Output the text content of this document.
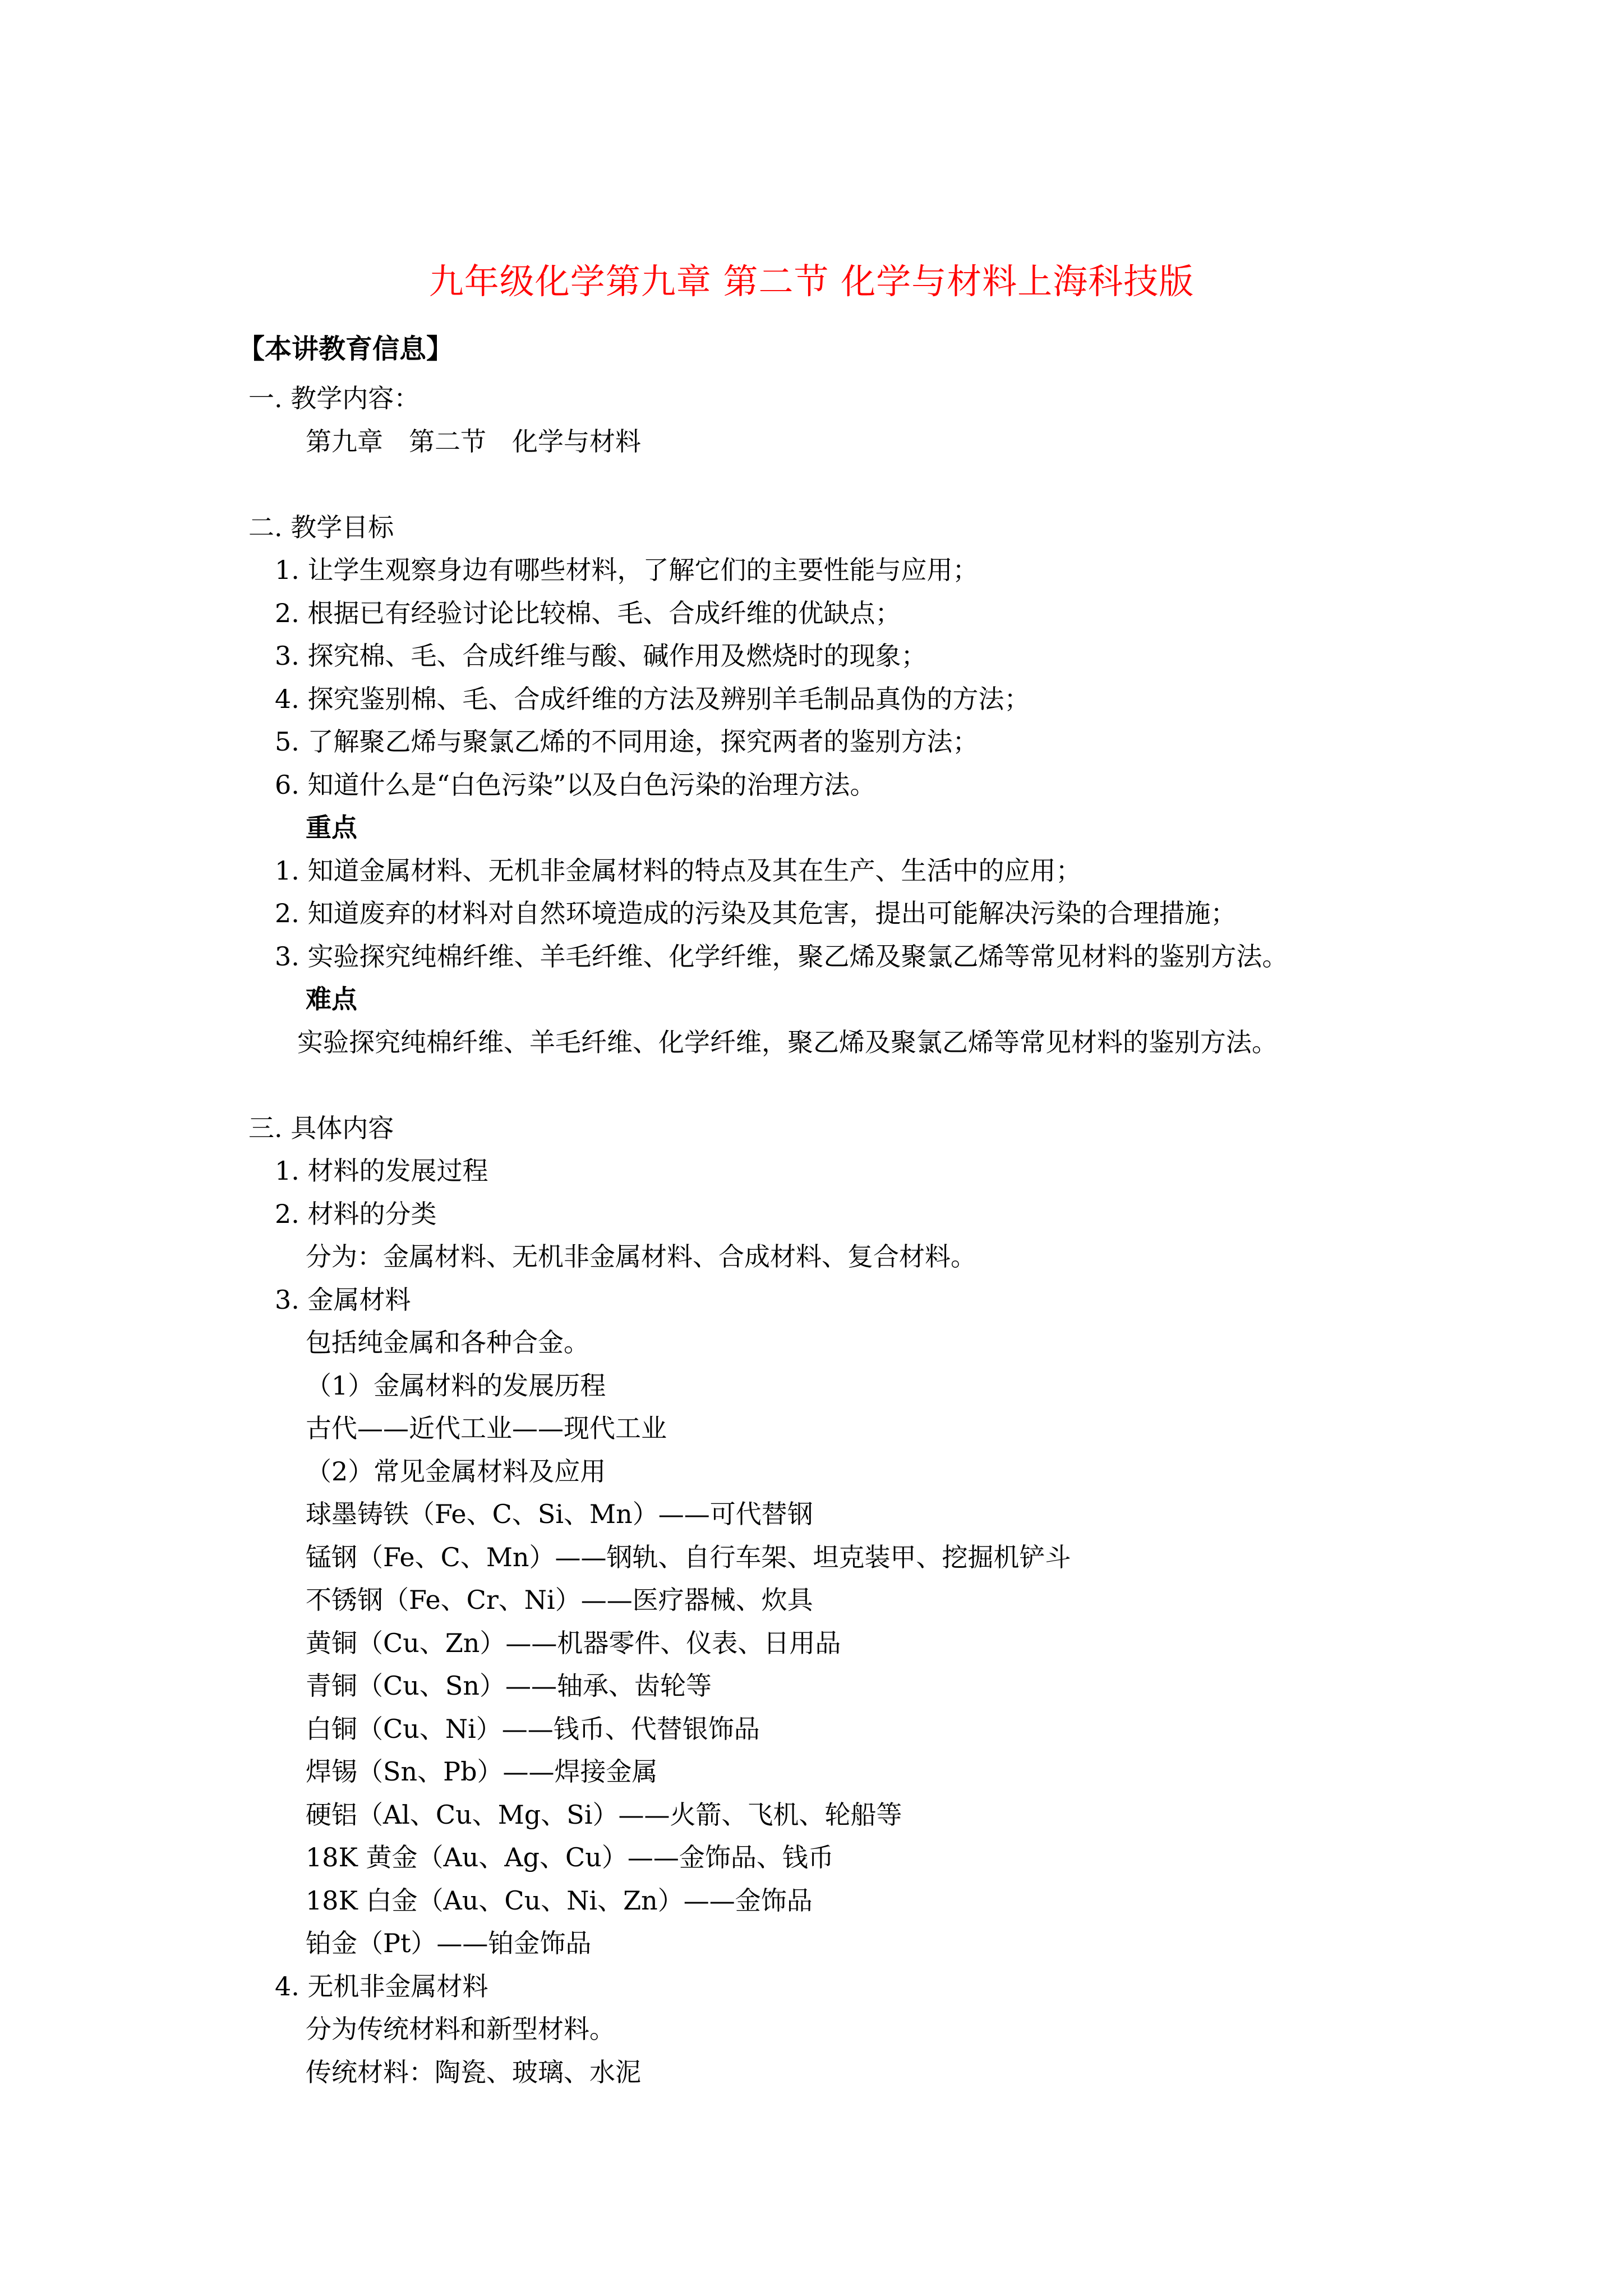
九年级化学第九章 第二节 化学与材料上海科技版
【本讲教育信息】
一. 教学内容：
第九章　第二节　化学与材料
二. 教学目标
1. 让学生观察身边有哪些材料，了解它们的主要性能与应用；
2. 根据已有经验讨论比较棉、毛、合成纤维的优缺点；
3. 探究棉、毛、合成纤维与酸、碱作用及燃烧时的现象；
4. 探究鉴别棉、毛、合成纤维的方法及辨别羊毛制品真伪的方法；
5. 了解聚乙烯与聚氯乙烯的不同用途，探究两者的鉴别方法；
6. 知道什么是“白色污染”以及白色污染的治理方法。
重点
1. 知道金属材料、无机非金属材料的特点及其在生产、生活中的应用；
2. 知道废弃的材料对自然环境造成的污染及其危害，提出可能解决污染的合理措施；
3. 实验探究纯棉纤维、羊毛纤维、化学纤维，聚乙烯及聚氯乙烯等常见材料的鉴别方法。
难点
实验探究纯棉纤维、羊毛纤维、化学纤维，聚乙烯及聚氯乙烯等常见材料的鉴别方法。
三. 具体内容
1. 材料的发展过程
2. 材料的分类
分为：金属材料、无机非金属材料、合成材料、复合材料。
3. 金属材料
包括纯金属和各种合金。
（1）金属材料的发展历程
古代——近代工业——现代工业
（2）常见金属材料及应用
球墨铸铁（Fe、C、Si、Mn）——可代替钢
锰钢（Fe、C、Mn）——钢轨、自行车架、坦克装甲、挖掘机铲斗
不锈钢（Fe、Cr、Ni）——医疗器械、炊具
黄铜（Cu、Zn）——机器零件、仪表、日用品
青铜（Cu、Sn）——轴承、齿轮等
白铜（Cu、Ni）——钱币、代替银饰品
焊锡（Sn、Pb）——焊接金属
硬铝（Al、Cu、Mg、Si）——火箭、飞机、轮船等
18K 黄金（Au、Ag、Cu）——金饰品、钱币
18K 白金（Au、Cu、Ni、Zn）——金饰品
铂金（Pt）——铂金饰品
4. 无机非金属材料
分为传统材料和新型材料。
传统材料：陶瓷、玻璃、水泥
